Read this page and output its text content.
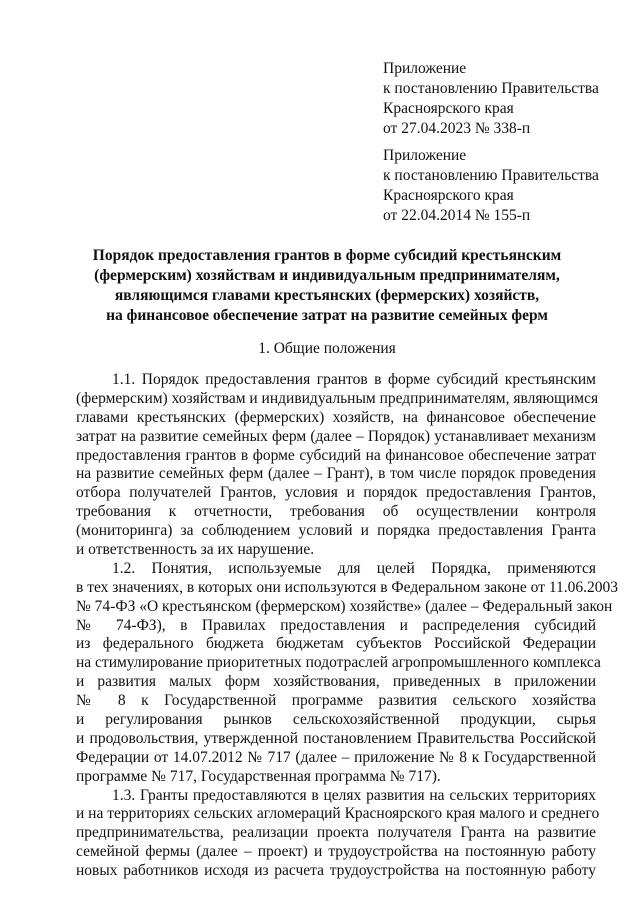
Приложение
к постановлению Правительства
Красноярского края
от 27.04.2023 № 338-п
Приложение
к постановлению Правительства
Красноярского края
от 22.04.2014 № 155-п
Порядок предоставления грантов в форме субсидий крестьянским
(фермерским) хозяйствам и индивидуальным предпринимателям,
являющимся главами крестьянских (фермерских) хозяйств,
на финансовое обеспечение затрат на развитие семейных ферм
1. Общие положения
1.1. Порядок предоставления грантов в форме субсидий крестьянским
(фермерским) хозяйствам и индивидуальным предпринимателям, являющимся
главами крестьянских (фермерских) хозяйств, на финансовое обеспечение
затрат на развитие семейных ферм (далее – Порядок) устанавливает механизм
предоставления грантов в форме субсидий на финансовое обеспечение затрат
на развитие семейных ферм (далее – Грант), в том числе порядок проведения
отбора получателей Грантов, условия и порядок предоставления Грантов,
требования к отчетности, требования об осуществлении контроля
(мониторинга) за соблюдением условий и порядка предоставления Гранта
и ответственность за их нарушение.
1.2. Понятия, используемые для целей Порядка, применяются
в тех значениях, в которых они используются в Федеральном законе от 11.06.2003
№ 74-ФЗ «О крестьянском (фермерском) хозяйстве» (далее – Федеральный закон
№ 74-ФЗ), в Правилах предоставления и распределения субсидий
из федерального бюджета бюджетам субъектов Российской Федерации
на стимулирование приоритетных подотраслей агропромышленного комплекса
и развития малых форм хозяйствования, приведенных в приложении
№ 8 к Государственной программе развития сельского хозяйства
и регулирования рынков сельскохозяйственной продукции, сырья
и продовольствия, утвержденной постановлением Правительства Российской
Федерации от 14.07.2012 № 717 (далее – приложение № 8 к Государственной
программе № 717, Государственная программа № 717).
1.3. Гранты предоставляются в целях развития на сельских территориях
и на территориях сельских агломераций Красноярского края малого и среднего
предпринимательства, реализации проекта получателя Гранта на развитие
семейной фермы (далее – проект) и трудоустройства на постоянную работу
новых работников исходя из расчета трудоустройства на постоянную работу
